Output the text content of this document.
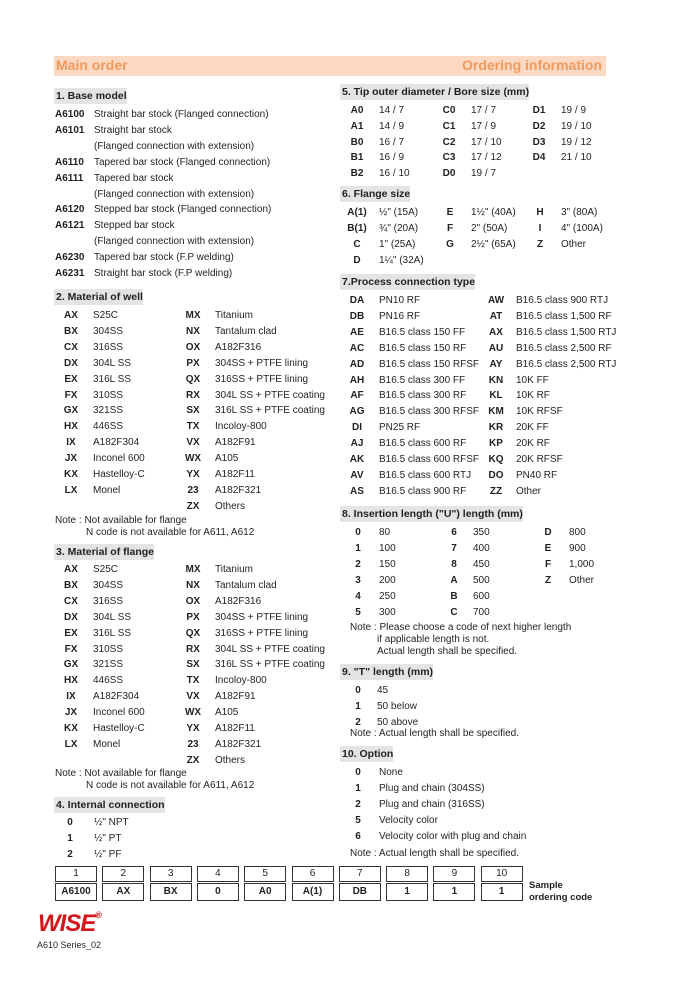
Main order	Ordering information
1. Base model
A6100 Straight bar stock (Flanged connection)
A6101 Straight bar stock
(Flanged connection with extension)
A6110 Tapered bar stock (Flanged connection)
A6111 Tapered bar stock
(Flanged connection with extension)
A6120 Stepped bar stock (Flanged connection)
A6121 Stepped bar stock
(Flanged connection with extension)
A6230 Tapered bar stock (F.P welding)
A6231 Straight bar stock (F.P welding)
2. Material of well
AX	S25C
BX	304SS
CX	316SS
DX	304L SS
EX	316L SS
FX	310SS
GX	321SS
HX	446SS
IX	A182F304
JX	Inconel 600
KX	Hastelloy-C
LX	Monel
MX	Titanium
NX	Tantalum clad
OX	A182F316
PX	304SS + PTFE lining
QX	316SS + PTFE lining
RX	304L SS + PTFE coating
SX	316L SS + PTFE coating
TX	Incoloy-800
VX	A182F91
WX	A105
YX	A182F11
23	A182F321
ZX	Others
Note : Not available for flange
N code is not available for A611, A612
3. Material of flange
AX	S25C
BX	304SS
CX	316SS
DX	304L SS
EX	316L SS
FX	310SS
GX	321SS
HX	446SS
IX	A182F304
JX	Inconel 600
KX	Hastelloy-C
LX	Monel
MX	Titanium
NX	Tantalum clad
OX	A182F316
PX	304SS + PTFE lining
QX	316SS + PTFE lining
RX	304L SS + PTFE coating
SX	316L SS + PTFE coating
TX	Incoloy-800
VX	A182F91
WX	A105
YX	A182F11
23	A182F321
ZX	Others
Note : Not available for flange
N code is not available for A611, A612
4. Internal connection
0	½" NPT
1	½" PT
2	½" PF
5. Tip outer diameter / Bore size (mm)
A0	14 / 7
A1	14 / 9
B0	16 / 7
B1	16 / 9
B2	16 / 10
C0	17 / 7
C1	17 / 9
C2	17 / 10
C3	17 / 12
D0	19 / 7
D1	19 / 9
D2	19 / 10
D3	19 / 12
D4	21 / 10
6. Flange size
A(1)	½" (15A)
B(1)	¾" (20A)
C	1" (25A)
D	1¼" (32A)
E	1½" (40A)
F	2" (50A)
G	2½" (65A)
H	3" (80A)
I	4" (100A)
Z	Other
7.Process connection type
DA	PN10 RF
DB	PN16 RF
AE	B16.5 class 150 FF
AC	B16.5 class 150 RF
AD	B16.5 class 150 RFSF
AH	B16.5 class 300 FF
AF	B16.5 class 300 RF
AG	B16.5 class 300 RFSF
DI	PN25 RF
AJ	B16.5 class 600 RF
AK	B16.5 class 600 RFSF
AV	B16.5 class 600 RTJ
AS	B16.5 class 900 RF
AW	B16.5 class 900 RTJ
AT	B16.5 class 1,500 RF
AX	B16.5 class 1,500 RTJ
AU	B16.5 class 2,500 RF
AY	B16.5 class 2,500 RTJ
KN	10K FF
KL	10K RF
KM	10K RFSF
KR	20K FF
KP	20K RF
KQ	20K RFSF
DO	PN40 RF
ZZ	Other
8. Insertion length ("U") length (mm)
0	80
1	100
2	150
3	200
4	250
5	300
6	350
7	400
8	450
A	500
B	600
C	700
D	800
E	900
F	1,000
Z	Other
Note : Please choose a code of next higher length
if applicable length is not.
Actual length shall be specified.
9. "T" length (mm)
0	45
1	50 below
2	50 above
Note : Actual length shall be specified.
10. Option
0	None
1	Plug and chain (304SS)
2	Plug and chain (316SS)
5	Velocity color
6	Velocity color with plug and chain
Note : Actual length shall be specified.
1
A6100
2
AX
3
BX
4
0
5
A0
6
A(1)
7
DB
8
1
9
1
10
1
Sample
ordering code
WISE®
A610 Series_02
